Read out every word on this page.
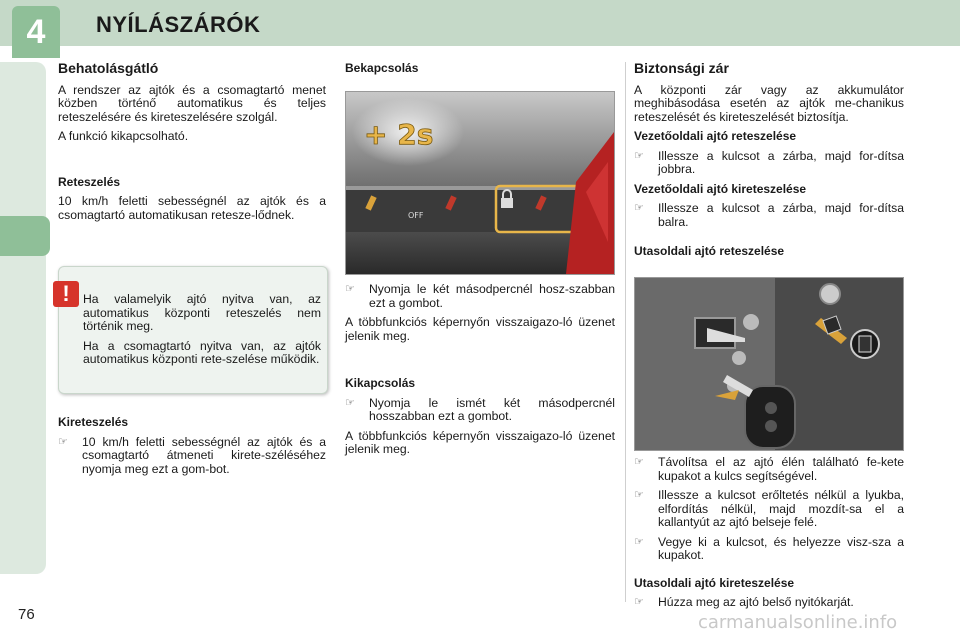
4	NYÍLÁSZÁRÓK
Behatolásgátló

A rendszer az ajtók és a csomagtartó menet közben történő automatikus és teljes reteszelésére és kireteszelésére szolgál.

A funkció kikapcsolható.

Reteszelés

10 km/h feletti sebességnél az ajtók és a csomagtartó automatikusan retesze-lődnek.

!	Ha valamelyik ajtó nyitva van, az automatikus központi reteszelés nem történik meg.

Ha a csomagtartó nyitva van, az ajtók automatikus központi rete-szelése működik.

Kireteszelés
☞	10 km/h feletti sebességnél az ajtók és a csomagtartó átmeneti kirete-széléséhez nyomja meg ezt a gom-bot.
Bekapcsolás
OFF
+ 2s
☞	Nyomja le két másodpercnél hosz-szabban ezt a gombot.

A többfunkciós képernyőn visszaigazo-ló üzenet jelenik meg.

Kikapcsolás
☞	Nyomja le ismét két másodpercnél hosszabban ezt a gombot.

A többfunkciós képernyőn visszaigazo-ló üzenet jelenik meg.

Biztonsági zár

A központi zár vagy az akkumulátor meghibásodása esetén az ajtók me-chanikus reteszelését és kireteszelését biztosítja.

Vezetőoldali ajtó reteszelése
☞	Illessze a kulcsot a zárba, majd for-dítsa jobbra.
Vezetőoldali ajtó kireteszelése
☞	Illessze a kulcsot a zárba, majd for-dítsa balra.
Utasoldali ajtó reteszelése
☞	Távolítsa el az ajtó élén található fe-kete kupakot a kulcs segítségével.
☞	Illessze a kulcsot erőltetés nélkül a lyukba, elfordítás nélkül, majd mozdít-sa el a kallantyút az ajtó belseje felé.
☞	Vegye ki a kulcsot, és helyezze visz-sza a kupakot.
Utasoldali ajtó kireteszelése
☞	Húzza meg az ajtó belső nyitókarját.
76	carmanualsonline.info
